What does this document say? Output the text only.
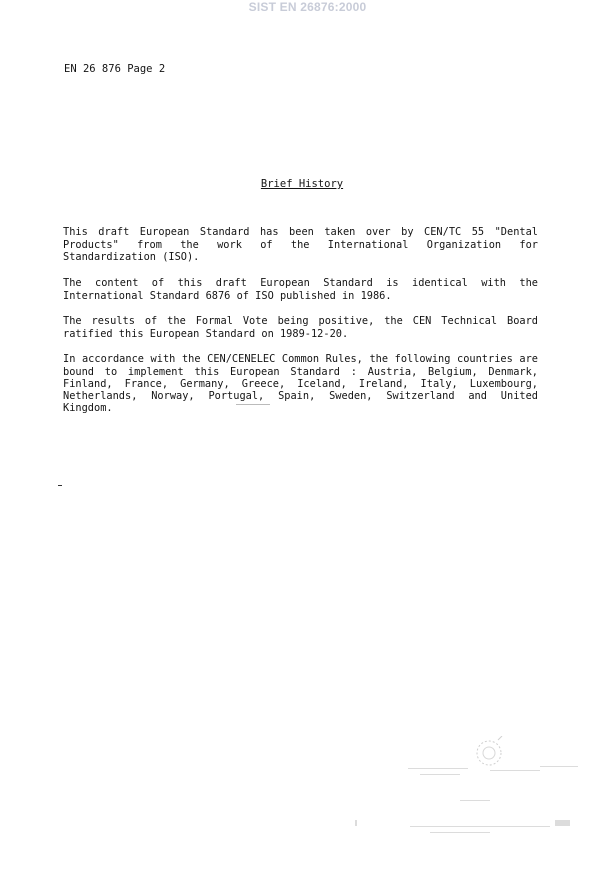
SIST EN 26876:2000
EN 26 876 Page 2
Brief History

This draft European Standard has been taken over by CEN/TC 55 "Dental Products" from the work of the International Organization for Standardization (ISO).

The content of this draft European Standard is identical with the International Standard 6876 of ISO published in 1986.

The results of the Formal Vote being positive, the CEN Technical Board ratified this European Standard on 1989-12-20.

In accordance with the CEN/CENELEC Common Rules, the following countries are bound to implement this European Standard : Austria, Belgium, Denmark, Finland, France, Germany, Greece, Iceland, Ireland, Italy, Luxembourg, Netherlands, Norway, Portugal, Spain, Sweden, Switzerland and United Kingdom.
